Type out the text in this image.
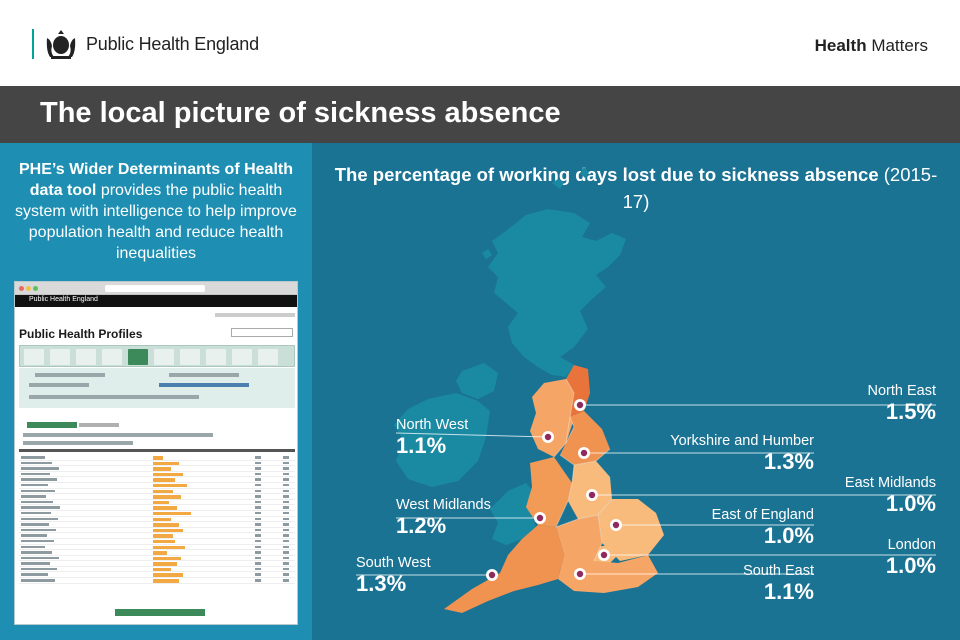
Public Health England	Health Matters
The local picture of sickness absence

PHE’s Wider Determinants of Health data tool provides the public health system with intelligence to help improve population health and reduce health inequalities

Public Health England
Public Health Profiles
The percentage of working days lost due to sickness absence (2015-17)
North East
1.5%
North West
1.1%	Yorkshire and Humber
1.3%
East Midlands
1.0%
West Midlands
1.2%	East of England
1.0%	London
1.0%
South East
1.1%
South West
1.3%
